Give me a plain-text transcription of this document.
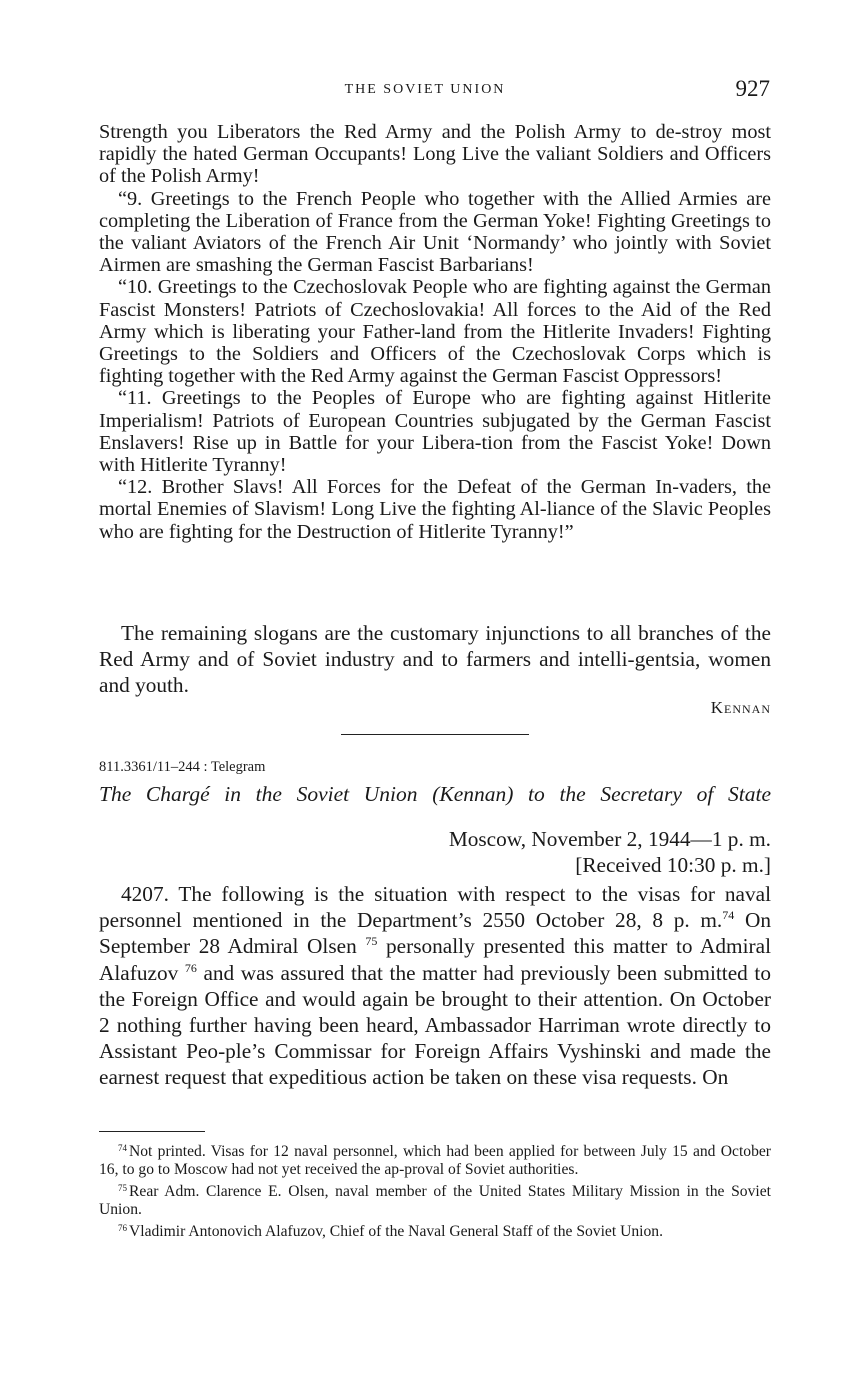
THE SOVIET UNION	927

Strength you Liberators the Red Army and the Polish Army to de-stroy most rapidly the hated German Occupants! Long Live the valiant Soldiers and Officers of the Polish Army!

“9. Greetings to the French People who together with the Allied Armies are completing the Liberation of France from the German Yoke! Fighting Greetings to the valiant Aviators of the French Air Unit ‘Normandy’ who jointly with Soviet Airmen are smashing the German Fascist Barbarians!

“10. Greetings to the Czechoslovak People who are fighting against the German Fascist Monsters! Patriots of Czechoslovakia! All forces to the Aid of the Red Army which is liberating your Father-land from the Hitlerite Invaders! Fighting Greetings to the Soldiers and Officers of the Czechoslovak Corps which is fighting together with the Red Army against the German Fascist Oppressors!

“11. Greetings to the Peoples of Europe who are fighting against Hitlerite Imperialism! Patriots of European Countries subjugated by the German Fascist Enslavers! Rise up in Battle for your Libera-tion from the Fascist Yoke! Down with Hitlerite Tyranny!

“12. Brother Slavs! All Forces for the Defeat of the German In-vaders, the mortal Enemies of Slavism! Long Live the fighting Al-liance of the Slavic Peoples who are fighting for the Destruction of Hitlerite Tyranny!”

The remaining slogans are the customary injunctions to all branches of the Red Army and of Soviet industry and to farmers and intelli-gentsia, women and youth.

Kennan
811.3361/11–244 : Telegram
The Chargé in the Soviet Union (Kennan) to the Secretary of State
Moscow, November 2, 1944—1 p. m.
[Received 10:30 p. m.]

4207. The following is the situation with respect to the visas for naval personnel mentioned in the Department’s 2550 October 28, 8 p. m.$^{74}$ On September 28 Admiral Olsen $^{75}$ personally presented this matter to Admiral Alafuzov $^{76}$ and was assured that the matter had previously been submitted to the Foreign Office and would again be brought to their attention. On October 2 nothing further having been heard, Ambassador Harriman wrote directly to Assistant Peo-ple’s Commissar for Foreign Affairs Vyshinski and made the earnest request that expeditious action be taken on these visa requests. On

$^{74}$ Not printed. Visas for 12 naval personnel, which had been applied for between July 15 and October 16, to go to Moscow had not yet received the ap-proval of Soviet authorities.

$^{75}$ Rear Adm. Clarence E. Olsen, naval member of the United States Military Mission in the Soviet Union.

$^{76}$ Vladimir Antonovich Alafuzov, Chief of the Naval General Staff of the Soviet Union.
